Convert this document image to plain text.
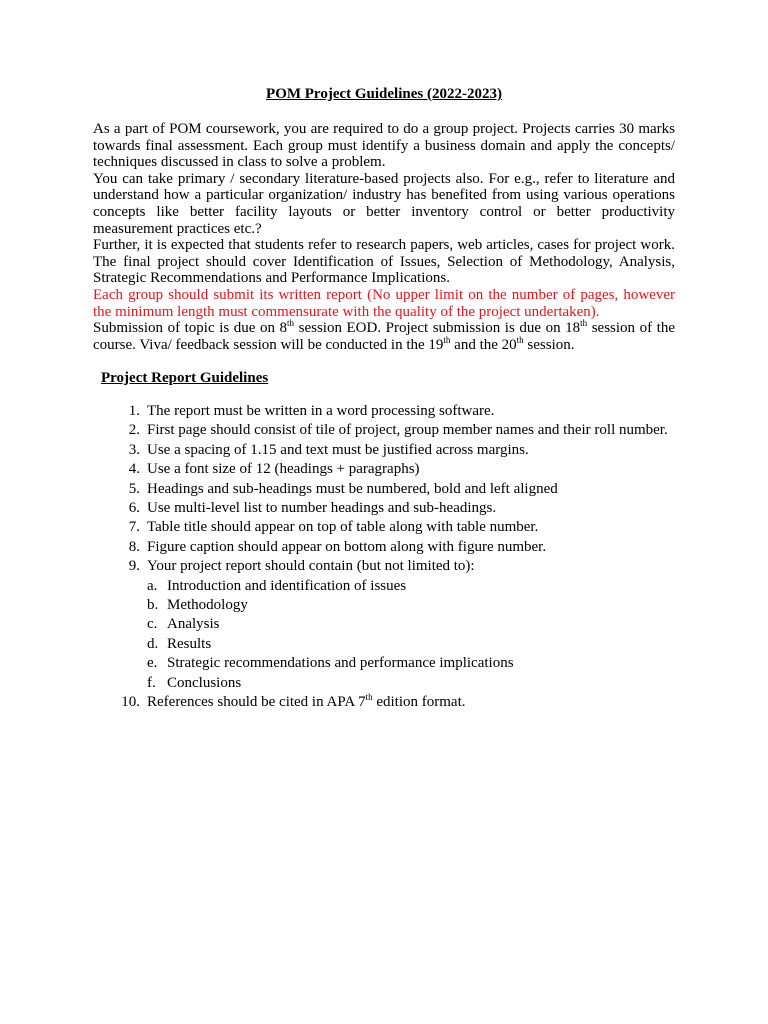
POM Project Guidelines (2022-2023)

As a part of POM coursework, you are required to do a group project. Projects carries 30 marks towards final assessment. Each group must identify a business domain and apply the concepts/ techniques discussed in class to solve a problem.

You can take primary / secondary literature-based projects also. For e.g., refer to literature and understand how a particular organization/ industry has benefited from using various operations concepts like better facility layouts or better inventory control or better productivity measurement practices etc.?

Further, it is expected that students refer to research papers, web articles, cases for project work. The final project should cover Identification of Issues, Selection of Methodology, Analysis, Strategic Recommendations and Performance Implications.

Each group should submit its written report (No upper limit on the number of pages, however the minimum length must commensurate with the quality of the project undertaken).

Submission of topic is due on 8th session EOD. Project submission is due on 18th session of the course. Viva/ feedback session will be conducted in the 19th and the 20th session.

Project Report Guidelines
1. The report must be written in a word processing software.
2. First page should consist of tile of project, group member names and their roll number.
3. Use a spacing of 1.15 and text must be justified across margins.
4. Use a font size of 12 (headings + paragraphs)
5. Headings and sub-headings must be numbered, bold and left aligned
6. Use multi-level list to number headings and sub-headings.
7. Table title should appear on top of table along with table number.
8. Figure caption should appear on bottom along with figure number.
9. Your project report should contain (but not limited to):
a. Introduction and identification of issues
b. Methodology
c. Analysis
d. Results
e. Strategic recommendations and performance implications
f. Conclusions
10. References should be cited in APA 7th edition format.
